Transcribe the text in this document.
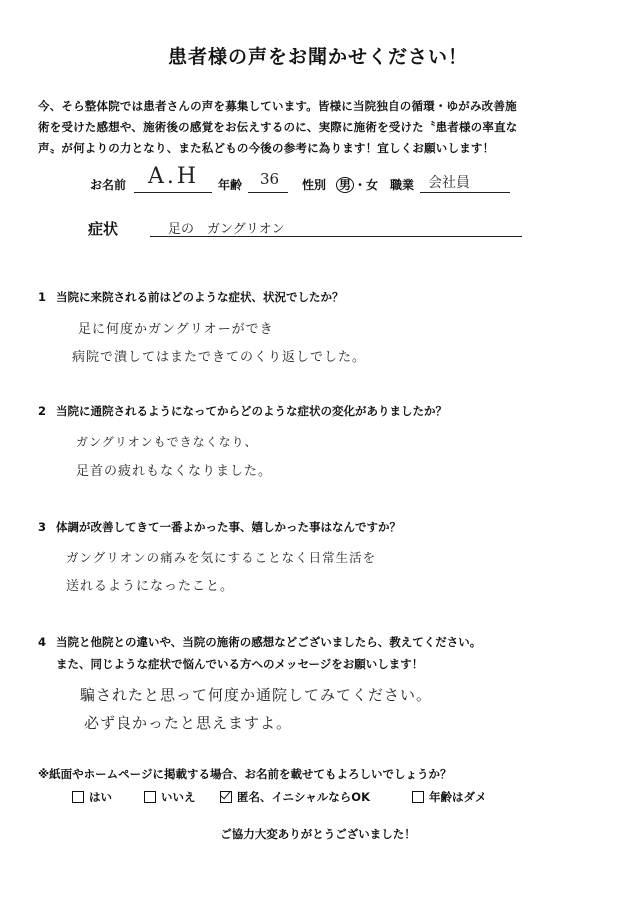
患者様の声をお聞かせください！
今、そら整体院では患者さんの声を募集しています。皆様に当院独自の循環・ゆがみ改善施
術を受けた感想や、施術後の感覚をお伝えするのに、実際に施術を受けた〝患者様の率直な
声〟が何よりの力となり、また私どもの今後の参考に為ります！宜しくお願いします！
お名前 A.H 年齢 36 性別 男 ・女 職業 会社員
症状	足の　ガングリオン
1 当院に来院される前はどのような症状、状況でしたか？
足に何度かガングリオーができ
病院で潰してはまたできてのくり返しでした。
2 当院に通院されるようになってからどのような症状の変化がありましたか？
ガングリオンもできなくなり、
足首の疲れもなくなりました。
3 体調が改善してきて一番よかった事、嬉しかった事はなんですか？
ガングリオンの痛みを気にすることなく日常生活を
送れるようになったこと。
4 当院と他院との違いや、当院の施術の感想などございましたら、教えてください。
また、同じような症状で悩んでいる方へのメッセージをお願いします！
騙されたと思って何度か通院してみてください。
必ず良かったと思えますよ。
※紙面やホームページに掲載する場合、お名前を載せてもよろしいでしょうか？
はい	いいえ	匿名、イニシャルならOK	年齢はダメ
ご協力大変ありがとうございました！
